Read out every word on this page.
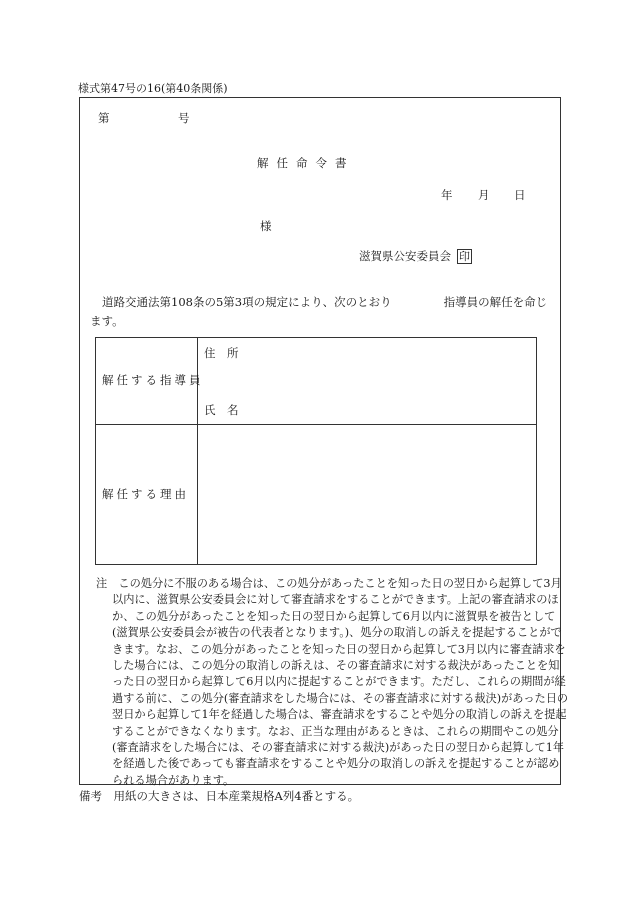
様式第47号の16(第40条関係)
第	号
解任命令書
年 月 日
様
滋賀県公安委員会 印
道路交通法第108条の5第3項の規定により、次のとおり	指導員の解任を命じます。
解任する指導員
住　所
氏　名
解任する理由
注　この処分に不服のある場合は、この処分があったことを知った日の翌日から起算して3月以内に、滋賀県公安委員会に対して審査請求をすることができます。上記の審査請求のほか、この処分があったことを知った日の翌日から起算して6月以内に滋賀県を被告として(滋賀県公安委員会が被告の代表者となります。)、処分の取消しの訴えを提起することができます。なお、この処分があったことを知った日の翌日から起算して3月以内に審査請求をした場合には、この処分の取消しの訴えは、その審査請求に対する裁決があったことを知った日の翌日から起算して6月以内に提起することができます。ただし、これらの期間が経過する前に、この処分(審査請求をした場合には、その審査請求に対する裁決)があった日の翌日から起算して1年を経過した場合は、審査請求をすることや処分の取消しの訴えを提起することができなくなります。なお、正当な理由があるときは、これらの期間やこの処分(審査請求をした場合には、その審査請求に対する裁決)があった日の翌日から起算して1年を経過した後であっても審査請求をすることや処分の取消しの訴えを提起することが認められる場合があります。
備考　用紙の大きさは、日本産業規格A列4番とする。
